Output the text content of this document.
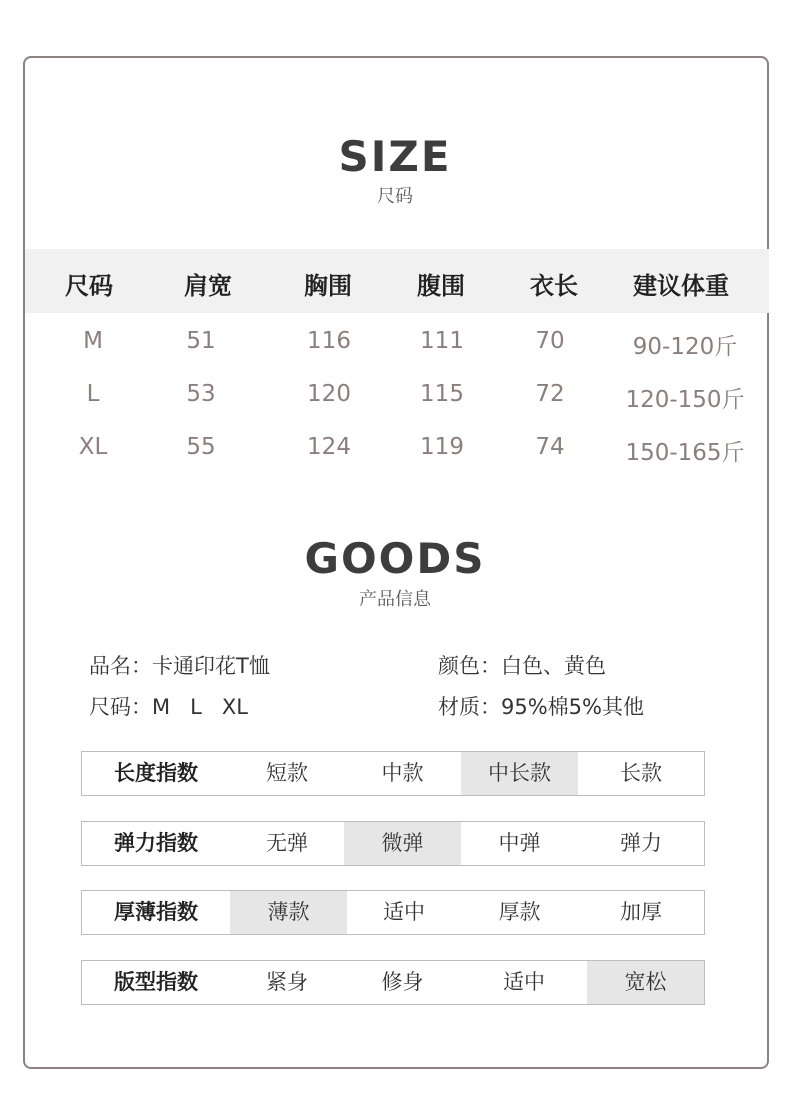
SIZE
尺码
尺码	肩宽	胸围	腹围	衣长	建议体重
M	51	116	111	70	90-120斤
L	53	120	115	72	120-150斤
XL	55	124	119	74	150-165斤
GOODS
产品信息
品名：卡通印花T恤	颜色：白色、黄色
尺码：M   L   XL	材质：95%棉5%其他
长度指数	短款	中款	中长款	长款
弹力指数	无弹	微弹	中弹	弹力
厚薄指数	薄款	适中	厚款	加厚
版型指数	紧身	修身	适中	宽松
